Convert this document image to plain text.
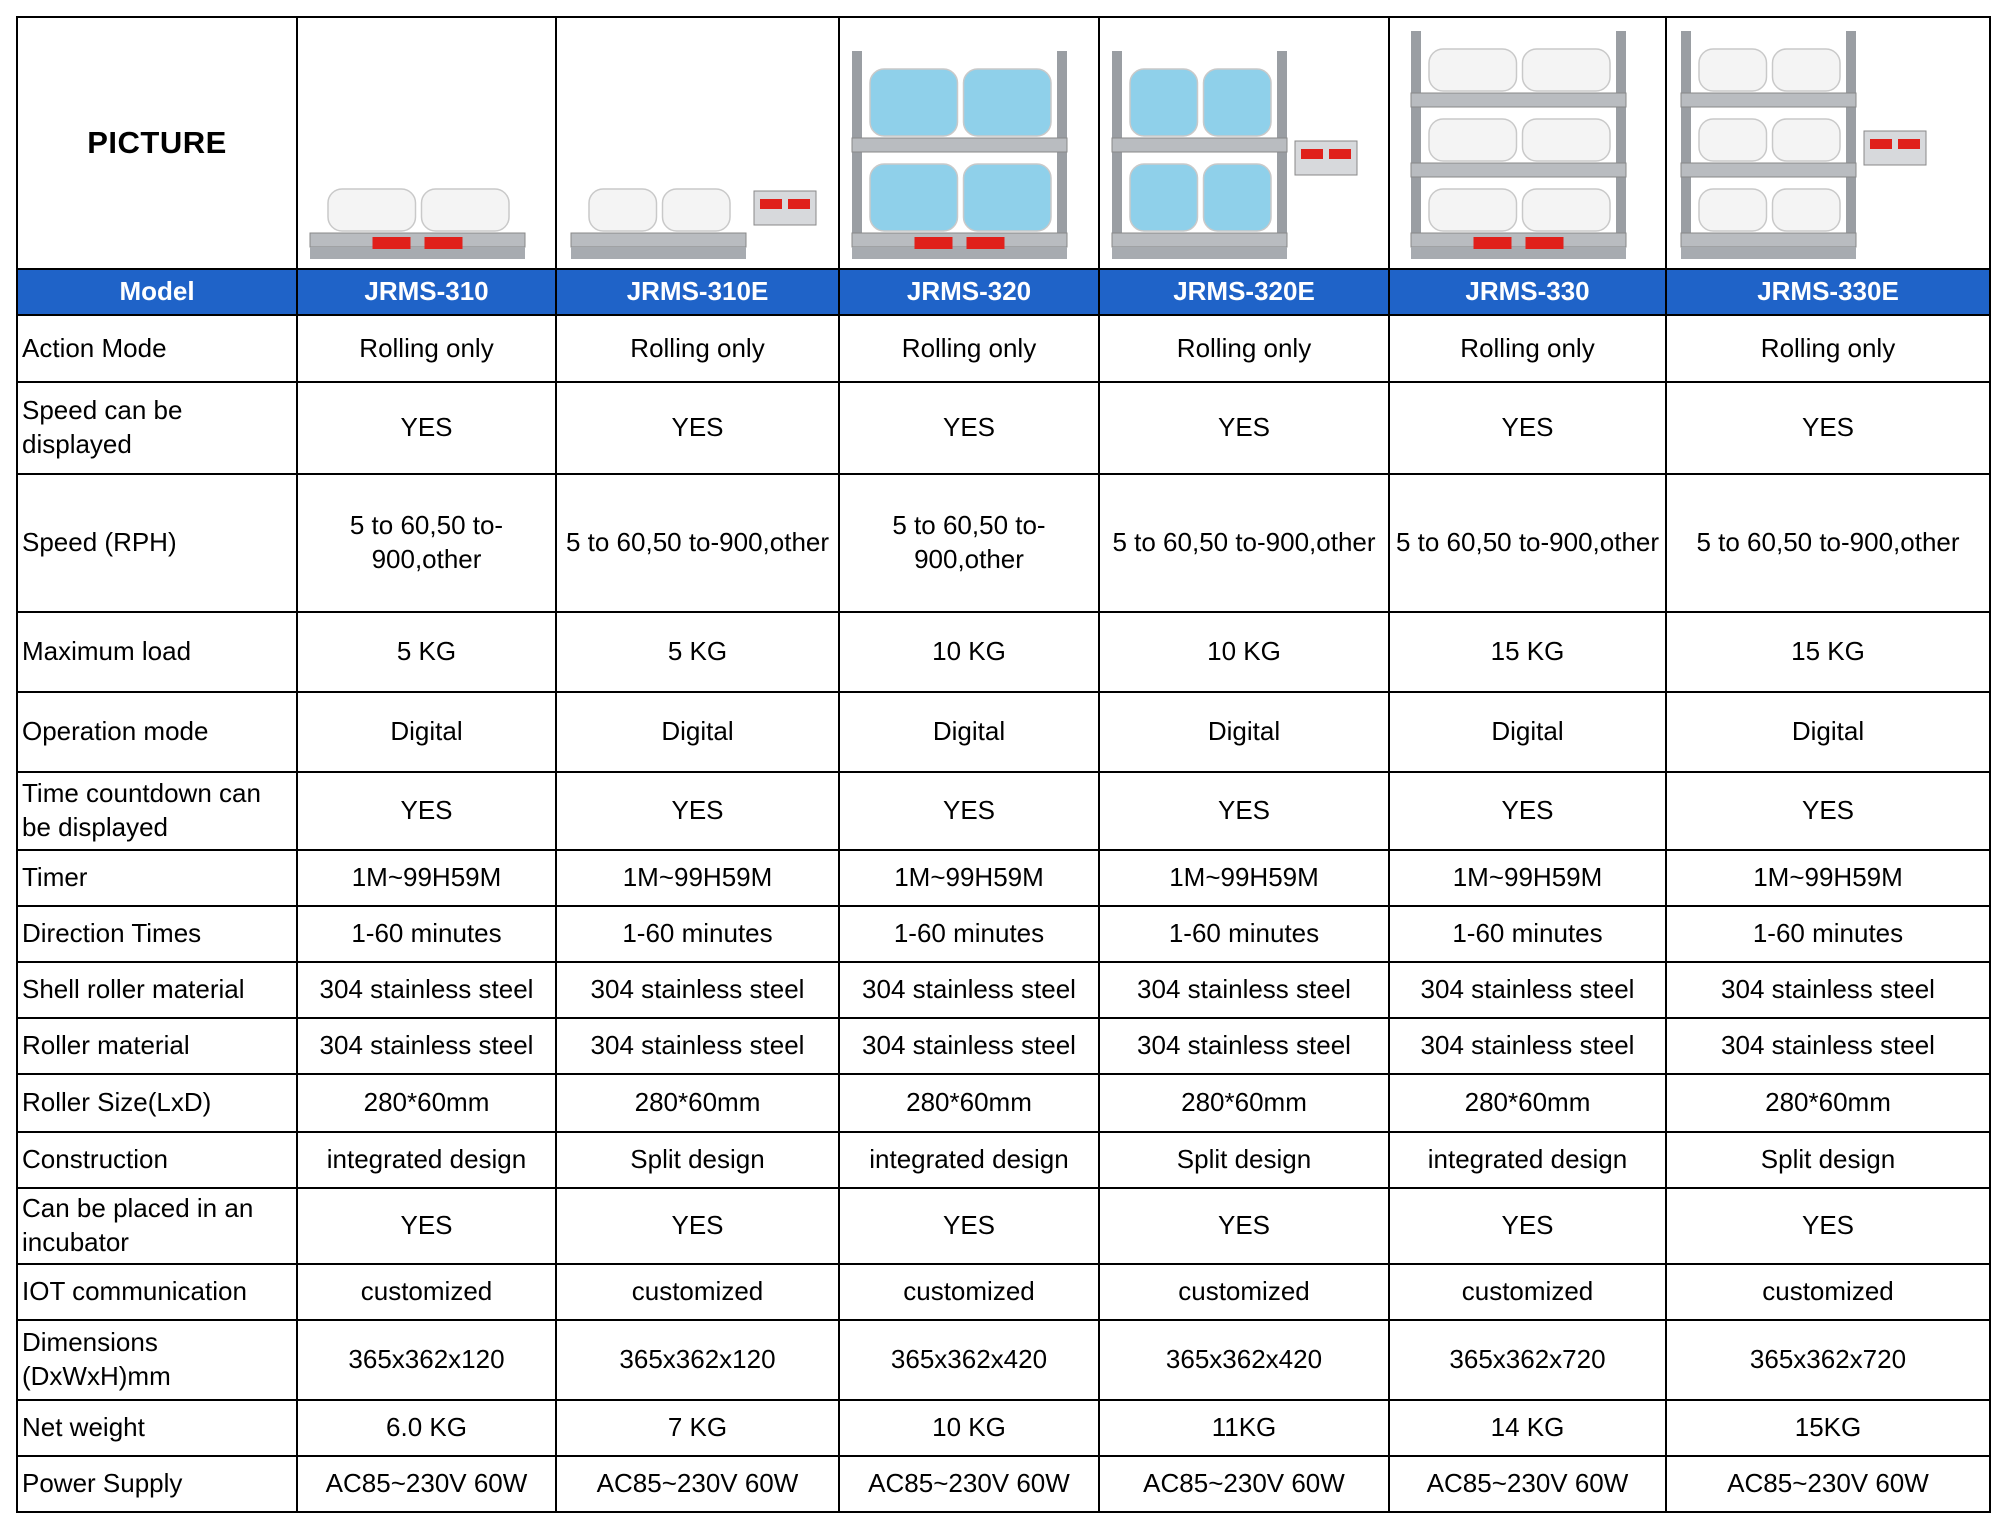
PICTURE	

Model	JRMS-310	JRMS-310E	JRMS-320	JRMS-320E	JRMS-330	JRMS-330E
Action Mode	Rolling only	Rolling only	Rolling only	Rolling only	Rolling only	Rolling only
Speed can be displayed	YES	YES	YES	YES	YES	YES
Speed (RPH)	5 to 60,50 to-900,other	5 to 60,50 to-900,other	5 to 60,50 to-900,other	5 to 60,50 to-900,other	5 to 60,50 to-900,other	5 to 60,50 to-900,other
Maximum load	5 KG	5 KG	10 KG	10 KG	15 KG	15 KG
Operation mode	Digital	Digital	Digital	Digital	Digital	Digital
Time countdown can be displayed	YES	YES	YES	YES	YES	YES
Timer	1M~99H59M	1M~99H59M	1M~99H59M	1M~99H59M	1M~99H59M	1M~99H59M
Direction Times	1-60 minutes	1-60 minutes	1-60 minutes	1-60 minutes	1-60 minutes	1-60 minutes
Shell roller material	304 stainless steel	304 stainless steel	304 stainless steel	304 stainless steel	304 stainless steel	304 stainless steel
Roller material	304 stainless steel	304 stainless steel	304 stainless steel	304 stainless steel	304 stainless steel	304 stainless steel
Roller Size(LxD)	280*60mm	280*60mm	280*60mm	280*60mm	280*60mm	280*60mm
Construction	integrated design	Split design	integrated design	Split design	integrated design	Split design
Can be placed in an incubator	YES	YES	YES	YES	YES	YES
IOT communication	customized	customized	customized	customized	customized	customized
Dimensions (DxWxH)mm	365x362x120	365x362x120	365x362x420	365x362x420	365x362x720	365x362x720
Net weight	6.0 KG	7 KG	10 KG	11KG	14 KG	15KG
Power Supply	AC85~230V 60W	AC85~230V 60W	AC85~230V 60W	AC85~230V 60W	AC85~230V 60W	AC85~230V 60W
